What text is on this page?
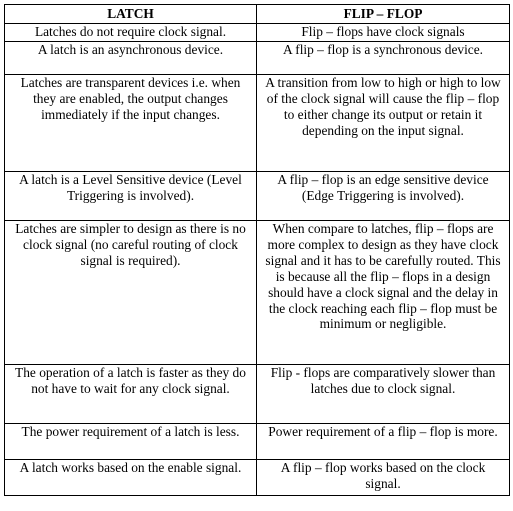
LATCH	FLIP – FLOP
Latches do not require clock signal.	Flip – flops have clock signals
A latch is an asynchronous device.	A flip – flop is a synchronous device.
Latches are transparent devices i.e. when they are enabled, the output changes immediately if the input changes.	A transition from low to high or high to low of the clock signal will cause the flip – flop to either change its output or retain it depending on the input signal.
A latch is a Level Sensitive device (Level Triggering is involved).	A flip – flop is an edge sensitive device (Edge Triggering is involved).
Latches are simpler to design as there is no clock signal (no careful routing of clock signal is required).	When compare to latches, flip – flops are more complex to design as they have clock signal and it has to be carefully routed. This is because all the flip – flops in a design should have a clock signal and the delay in the clock reaching each flip – flop must be minimum or negligible.
The operation of a latch is faster as they do not have to wait for any clock signal.	Flip - flops are comparatively slower than latches due to clock signal.
The power requirement of a latch is less.	Power requirement of a flip – flop is more.
A latch works based on the enable signal.	A flip – flop works based on the clock signal.
